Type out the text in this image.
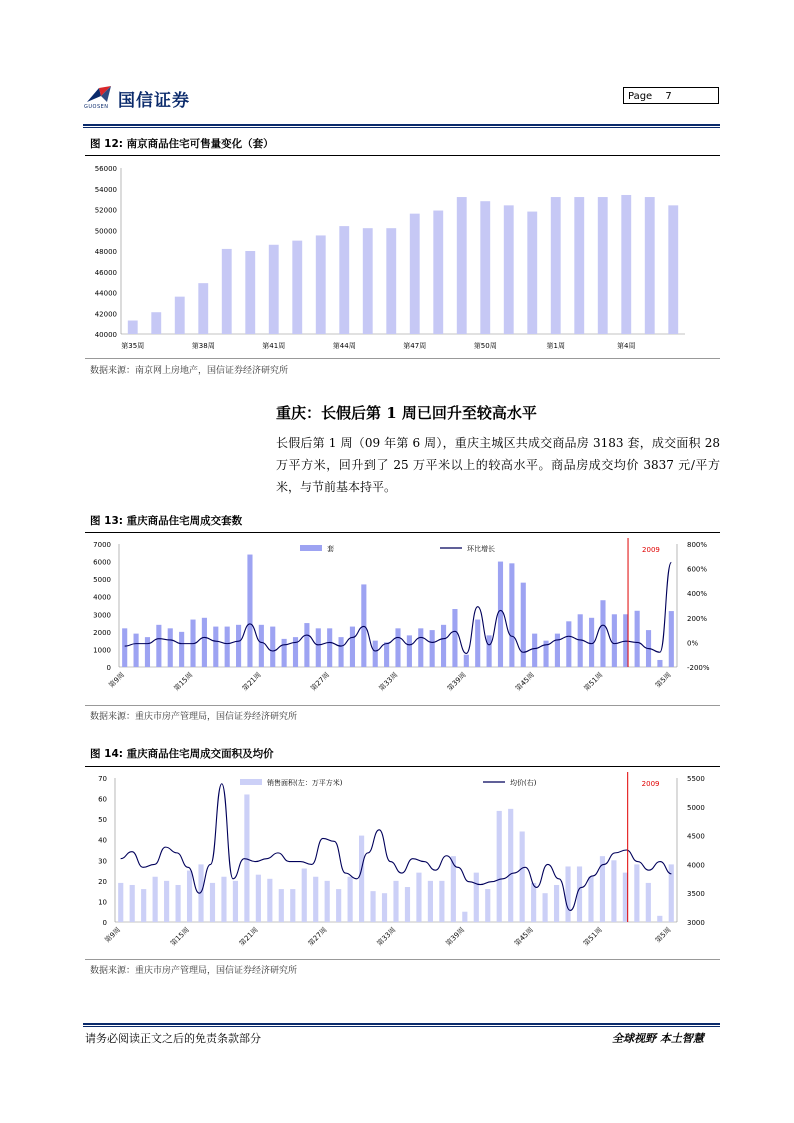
国信证券
GUOSEN
Page 7
图 12: 南京商品住宅可售量变化（套）
40000
42000
44000
46000
48000
50000
52000
54000
56000
第35周	第38周	第41周	第44周	第47周	第50周	第1周	第4周
数据来源：南京网上房地产，国信证券经济研究所
重庆：长假后第 1 周已回升至较高水平

长假后第 1 周（09 年第 6 周），重庆主城区共成交商品房 3183 套，成交面积 28 万平方米，回升到了 25 万平米以上的较高水平。商品房成交均价 3837 元/平方米，与节前基本持平。

图 13: 重庆商品住宅周成交套数
0
1000
2000
3000
4000
5000
6000
7000
-200%
0%
200%
400%
600%
800%
第9周	第15周	第21周	第27周	第33周	第39周	第45周	第51周	第5周
2009
套	环比增长
数据来源：重庆市房产管理局，国信证券经济研究所
图 14: 重庆商品住宅周成交面积及均价
0
10
20
30
40
50
60
70
3000
3500
4000
4500
5000
5500
第9周	第15周	第21周	第27周	第33周	第39周	第45周	第51周	第5周
2009
销售面积(左：万平方米)	均价(右)
数据来源：重庆市房产管理局，国信证券经济研究所
请务必阅读正文之后的免责条款部分	全球视野 本土智慧
